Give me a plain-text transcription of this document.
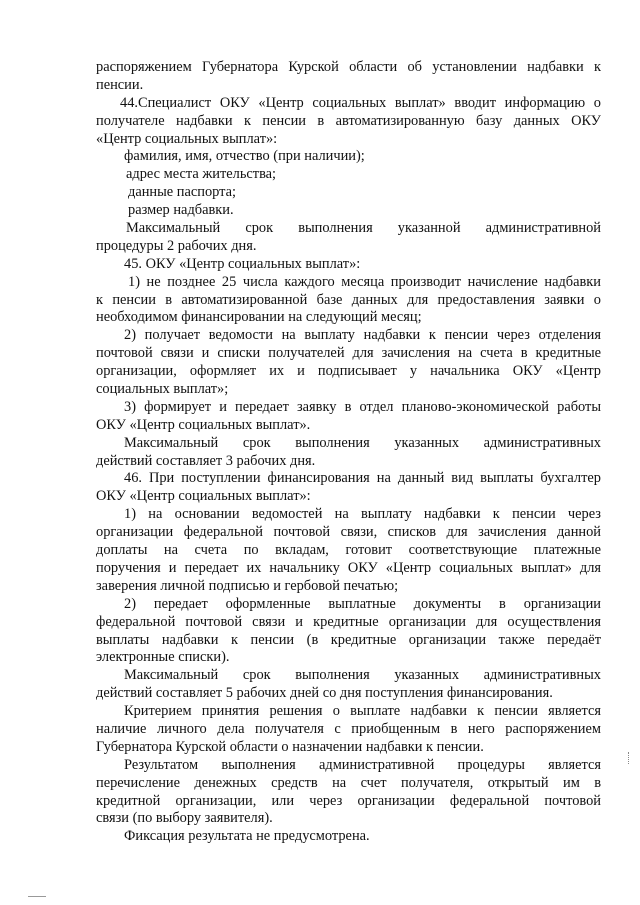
распоряжением Губернатора Курской области об установлении надбавки к
пенсии.
44.Специалист ОКУ «Центр социальных выплат» вводит информацию о
получателе надбавки к пенсии в автоматизированную базу данных ОКУ
«Центр социальных выплат»:
фамилия, имя, отчество (при наличии);
адрес места жительства;
данные паспорта;
размер надбавки.
Максимальный срок выполнения указанной административной
процедуры 2 рабочих дня.
45. ОКУ «Центр социальных выплат»:
1) не позднее 25 числа каждого месяца производит начисление надбавки
к пенсии в автоматизированной базе данных для предоставления заявки о
необходимом финансировании на следующий месяц;
2) получает ведомости на выплату надбавки к пенсии через отделения
почтовой связи и списки получателей для зачисления на счета в кредитные
организации, оформляет их и подписывает у начальника ОКУ «Центр
социальных выплат»;
3) формирует и передает заявку в отдел планово-экономической работы
ОКУ «Центр социальных выплат».
Максимальный срок выполнения указанных административных
действий составляет 3 рабочих дня.
46. При поступлении финансирования на данный вид выплаты бухгалтер
ОКУ «Центр социальных выплат»:
1) на основании ведомостей на выплату надбавки к пенсии через
организации федеральной почтовой связи, списков для зачисления данной
доплаты на счета по вкладам, готовит соответствующие платежные
поручения и передает их начальнику ОКУ «Центр социальных выплат» для
заверения личной подписью и гербовой печатью;
2) передает оформленные выплатные документы в организации
федеральной почтовой связи и кредитные организации для осуществления
выплаты надбавки к пенсии (в кредитные организации также передаёт
электронные списки).
Максимальный срок выполнения указанных административных
действий составляет 5 рабочих дней со дня поступления финансирования.
Критерием принятия решения о выплате надбавки к пенсии является
наличие личного дела получателя с приобщенным в него распоряжением
Губернатора Курской области о назначении надбавки к пенсии.
Результатом выполнения административной процедуры является
перечисление денежных средств на счет получателя, открытый им в
кредитной организации, или через организации федеральной почтовой
связи (по выбору заявителя).
Фиксация результата не предусмотрена.
